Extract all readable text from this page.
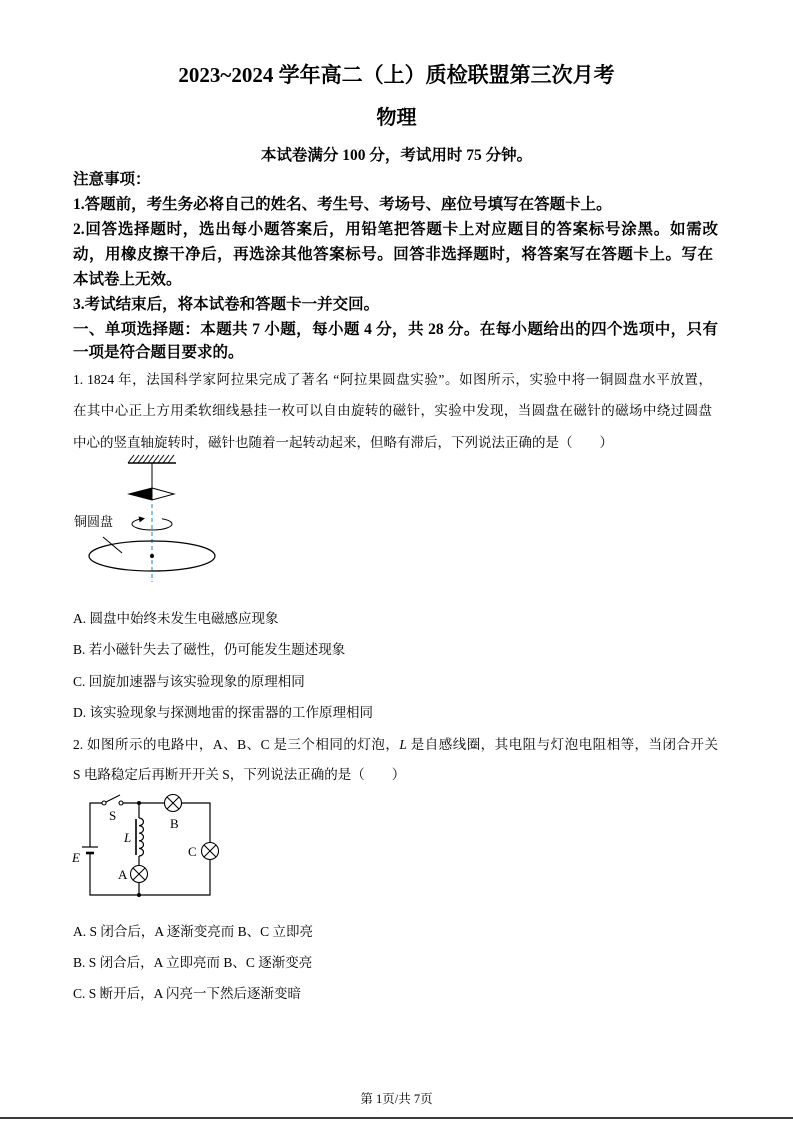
2023~2024 学年高二（上）质检联盟第三次月考
物理
本试卷满分 100 分，考试用时 75 分钟。
注意事项：
1.答题前，考生务必将自己的姓名、考生号、考场号、座位号填写在答题卡上。
2.回答选择题时，选出每小题答案后，用铅笔把答题卡上对应题目的答案标号涂黑。如需改
动，用橡皮擦干净后，再选涂其他答案标号。回答非选择题时，将答案写在答题卡上。写在
本试卷上无效。
3.考试结束后，将本试卷和答题卡一并交回。
一、单项选择题：本题共 7 小题，每小题 4 分，共 28 分。在每小题给出的四个选项中，只有
一项是符合题目要求的。
1. 1824 年，法国科学家阿拉果完成了著名 “阿拉果圆盘实验”。如图所示，实验中将一铜圆盘水平放置，
在其中心正上方用柔软细线悬挂一枚可以自由旋转的磁针，实验中发现，当圆盘在磁针的磁场中绕过圆盘
中心的竖直轴旋转时，磁针也随着一起转动起来，但略有滞后，下列说法正确的是（　　）
铜圆盘
A. 圆盘中始终未发生电磁感应现象
B. 若小磁针失去了磁性，仍可能发生题述现象
C. 回旋加速器与该实验现象的原理相同
D. 该实验现象与探测地雷的探雷器的工作原理相同
2. 如图所示的电路中，A、B、C 是三个相同的灯泡，L 是自感线圈，其电阻与灯泡电阻相等，当闭合开关
S 电路稳定后再断开开关 S，下列说法正确的是（　　）
S
B
L
C
A
E
A. S 闭合后，A 逐渐变亮而 B、C 立即亮
B. S 闭合后，A 立即亮而 B、C 逐渐变亮
C. S 断开后，A 闪亮一下然后逐渐变暗
第 1页/共 7页
